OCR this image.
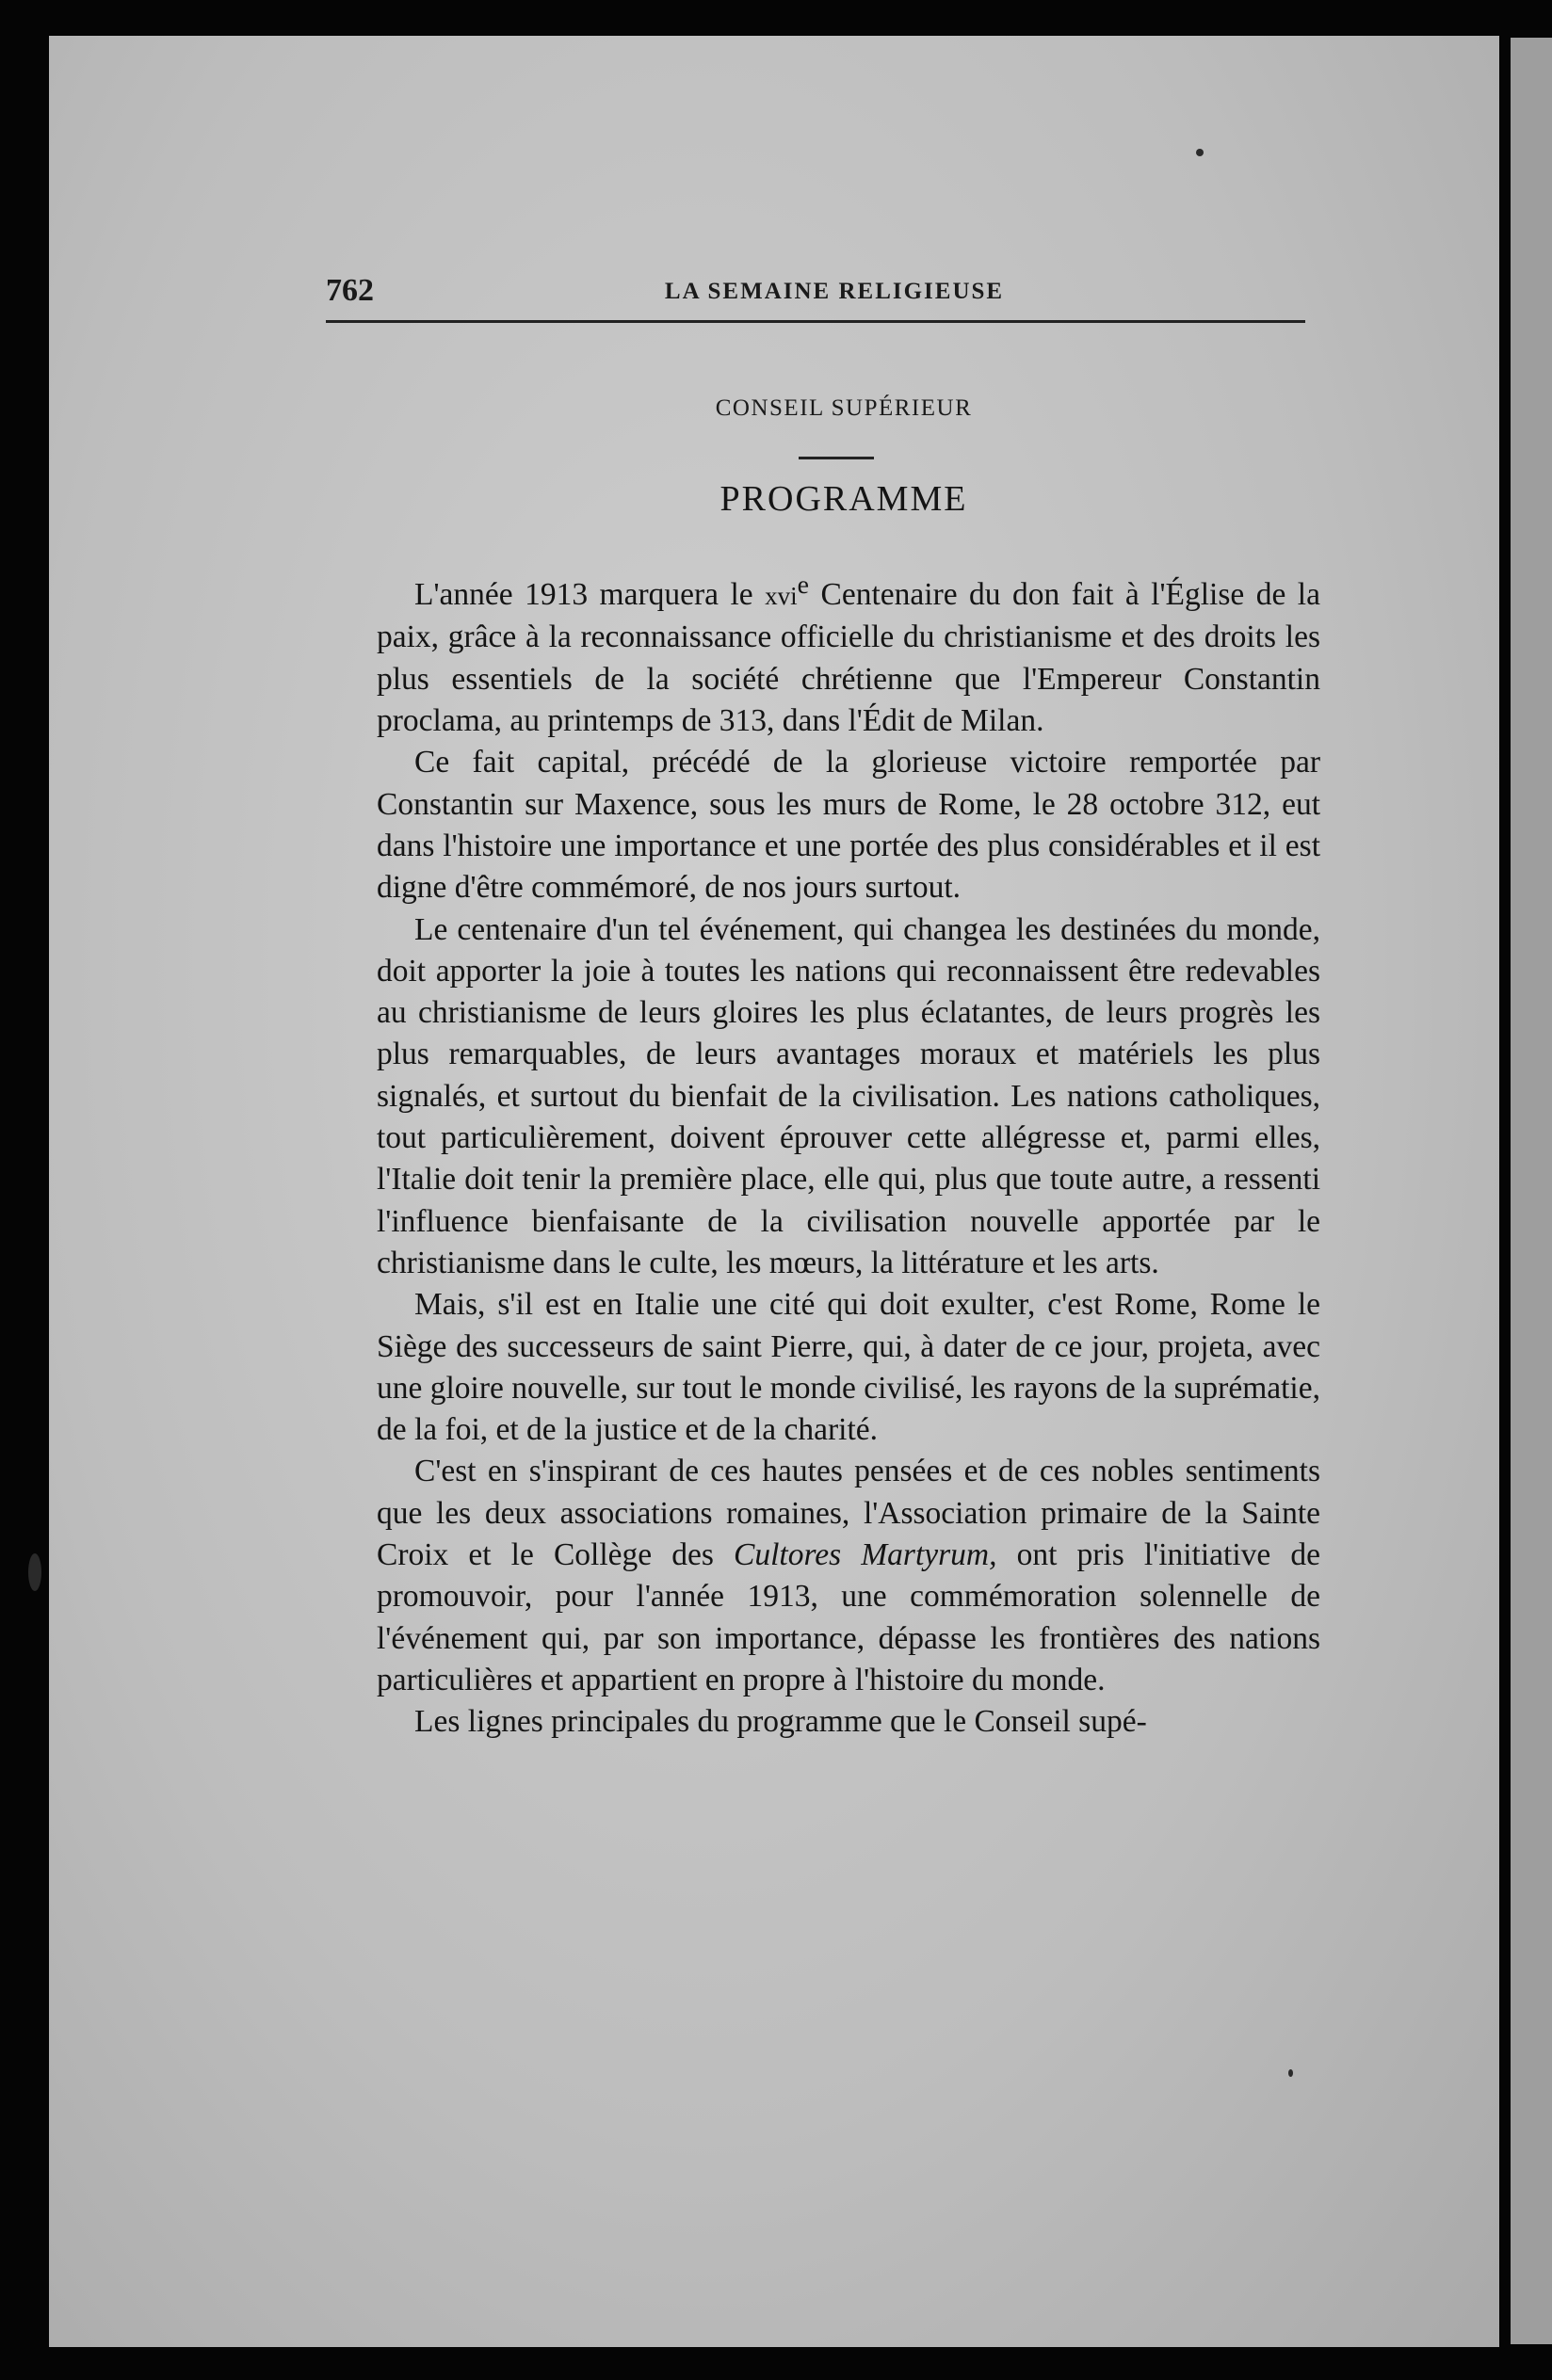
762	LA SEMAINE RELIGIEUSE
CONSEIL SUPÉRIEUR
PROGRAMME

L'année 1913 marquera le xvi$^e$ Centenaire du don fait à l'Église de la paix, grâce à la reconnaissance officielle du christianisme et des droits les plus essentiels de la société chrétienne que l'Empereur Constantin proclama, au printemps de 313, dans l'Édit de Milan.

Ce fait capital, précédé de la glorieuse victoire remportée par Constantin sur Maxence, sous les murs de Rome, le 28 octobre 312, eut dans l'histoire une importance et une portée des plus considérables et il est digne d'être commémoré, de nos jours surtout.

Le centenaire d'un tel événement, qui changea les destinées du monde, doit apporter la joie à toutes les nations qui reconnaissent être redevables au christianisme de leurs gloires les plus éclatantes, de leurs progrès les plus remarquables, de leurs avantages moraux et matériels les plus signalés, et surtout du bienfait de la civilisation. Les nations catholiques, tout particulièrement, doivent éprouver cette allégresse et, parmi elles, l'Italie doit tenir la première place, elle qui, plus que toute autre, a ressenti l'influence bienfaisante de la civilisation nouvelle apportée par le christianisme dans le culte, les mœurs, la littérature et les arts.

Mais, s'il est en Italie une cité qui doit exulter, c'est Rome, Rome le Siège des successeurs de saint Pierre, qui, à dater de ce jour, projeta, avec une gloire nouvelle, sur tout le monde civilisé, les rayons de la suprématie, de la foi, et de la justice et de la charité.

C'est en s'inspirant de ces hautes pensées et de ces nobles sentiments que les deux associations romaines, l'Association primaire de la Sainte Croix et le Collège des Cultores Martyrum, ont pris l'initiative de promouvoir, pour l'année 1913, une commémoration solennelle de l'événement qui, par son importance, dépasse les frontières des nations particulières et appartient en propre à l'histoire du monde.

Les lignes principales du programme que le Conseil supé-
